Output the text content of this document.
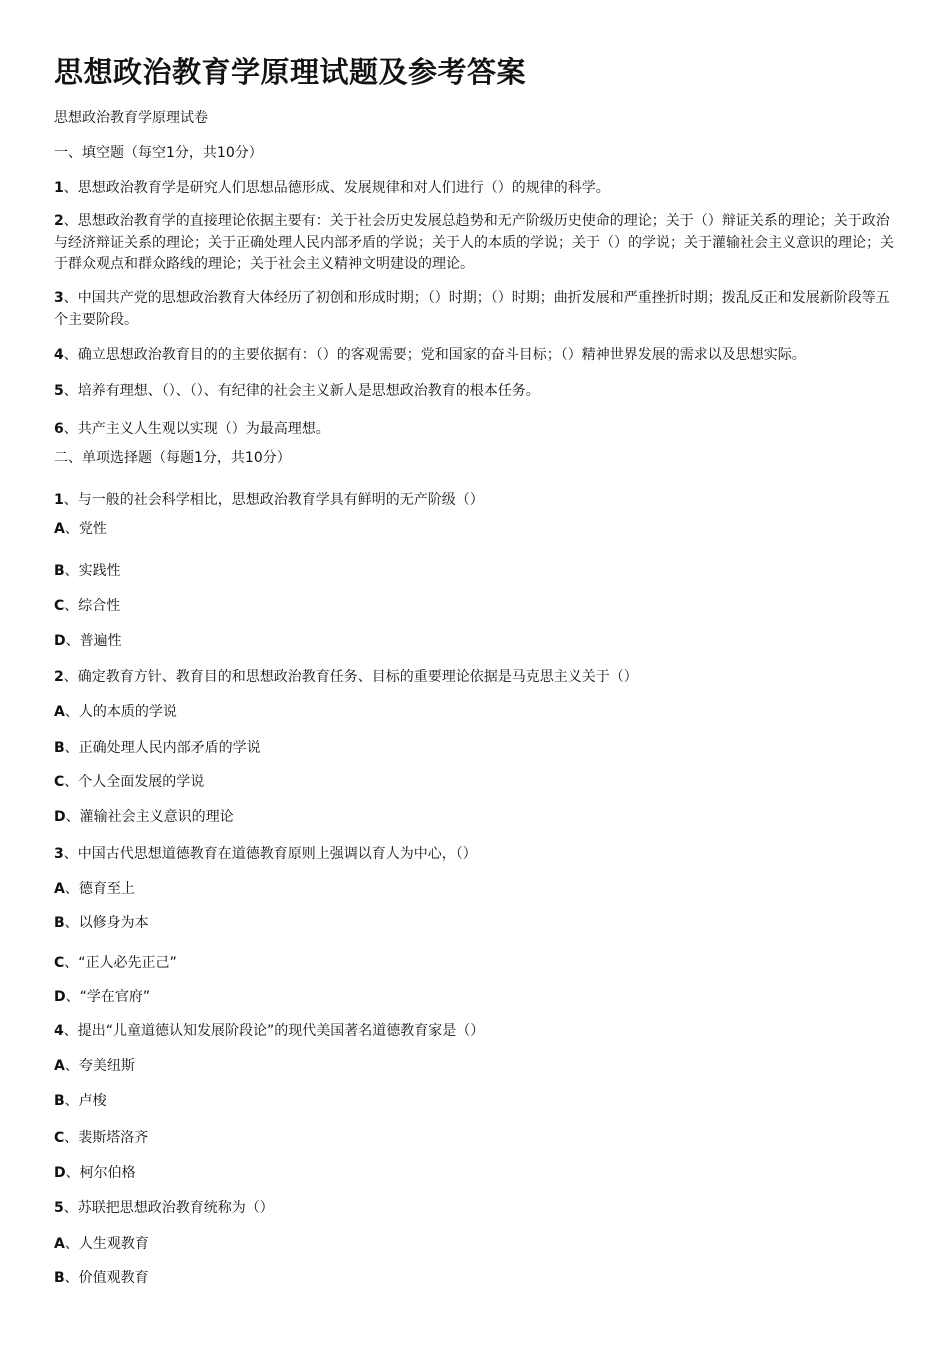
思想政治教育学原理试题及参考答案
思想政治教育学原理试卷
一、填空题（每空1分，共10分）
1、思想政治教育学是研究人们思想品德形成、发展规律和对人们进行（）的规律的科学。
2、思想政治教育学的直接理论依据主要有：关于社会历史发展总趋势和无产阶级历史使命的理论；关于（）辩证关系的理论；关于政治与经济辩证关系的理论；关于正确处理人民内部矛盾的学说；关于人的本质的学说；关于（）的学说；关于灌输社会主义意识的理论；关于群众观点和群众路线的理论；关于社会主义精神文明建设的理论。
3、中国共产党的思想政治教育大体经历了初创和形成时期；（）时期；（）时期；曲折发展和严重挫折时期；拨乱反正和发展新阶段等五个主要阶段。
4、确立思想政治教育目的的主要依据有：（）的客观需要；党和国家的奋斗目标；（）精神世界发展的需求以及思想实际。
5、培养有理想、（）、（）、有纪律的社会主义新人是思想政治教育的根本任务。
6、共产主义人生观以实现（）为最高理想。
二、单项选择题（每题1分，共10分）
1、与一般的社会科学相比，思想政治教育学具有鲜明的无产阶级（）
A、党性
B、实践性
C、综合性
D、普遍性
2、确定教育方针、教育目的和思想政治教育任务、目标的重要理论依据是马克思主义关于（）
A、人的本质的学说
B、正确处理人民内部矛盾的学说
C、个人全面发展的学说
D、灌输社会主义意识的理论
3、中国古代思想道德教育在道德教育原则上强调以育人为中心，（）
A、德育至上
B、以修身为本
C、“正人必先正己”
D、“学在官府”
4、提出“儿童道德认知发展阶段论”的现代美国著名道德教育家是（）
A、夸美纽斯
B、卢梭
C、裴斯塔洛齐
D、柯尔伯格
5、苏联把思想政治教育统称为（）
A、人生观教育
B、价值观教育
